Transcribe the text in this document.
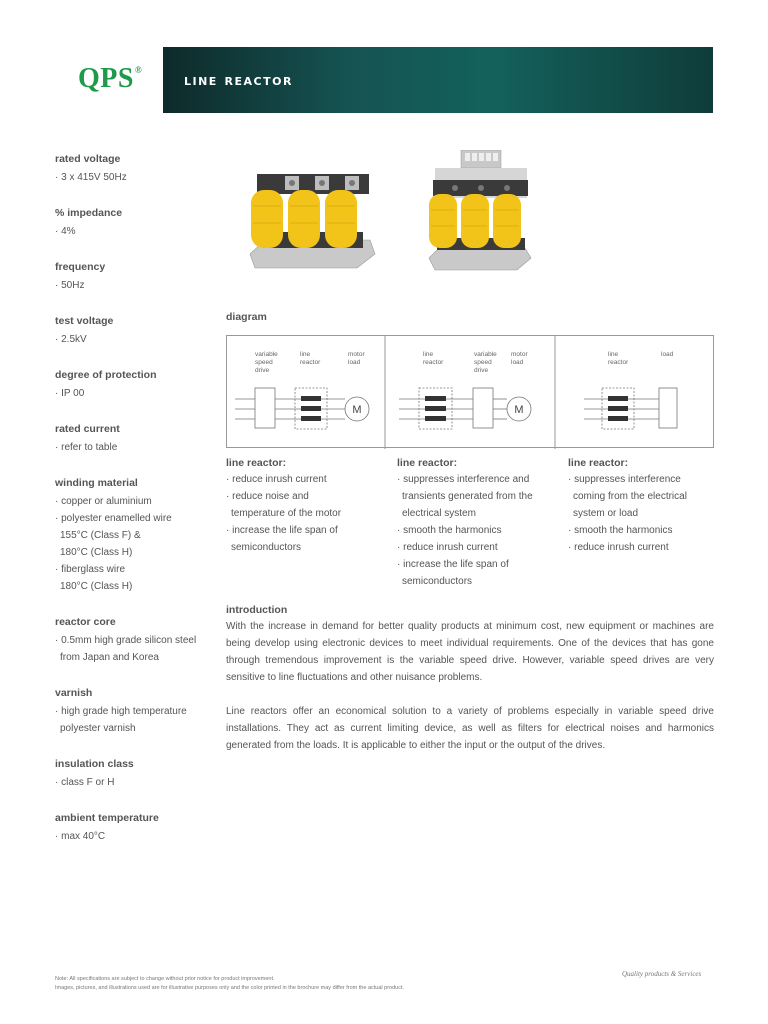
QPS®
line reactor
rated voltage
· 3 x 415V 50Hz
% impedance
· 4%
frequency
· 50Hz
test voltage
· 2.5kV
degree of protection
· IP 00
rated current
· refer to table
winding material
· copper or aluminium
· polyester enamelled wire
155°C (Class F) &
180°C (Class H)
· fiberglass wire
180°C (Class H)
reactor core
· 0.5mm high grade silicon steel
from Japan and Korea
varnish
· high grade high temperature
polyester varnish
insulation class
· class F or H
ambient temperature
· max 40°C
diagram
variable
speed
drive
line
reactor
motor
load
M
line
reactor
variable
speed
drive
motor
load
M
line
reactor
load
line reactor:
· reduce inrush current
· reduce noise and
temperature of the motor
· increase the life span of
semiconductors
line reactor:
· suppresses interference and
transients generated from the
electrical system
· smooth the harmonics
· reduce inrush current
· increase the life span of
semiconductors
line reactor:
· suppresses interference
coming from the electrical
system or load
· smooth the harmonics
· reduce inrush current
introduction

With the increase in demand for better quality products at minimum cost, new equipment or machines are being develop using electronic devices to meet individual requirements. One of the devices that has gone through tremendous improvement is the variable speed drive. However, variable speed drives are very sensitive to line fluctuations and other nuisance problems.

Line reactors offer an economical solution to a variety of problems especially in variable speed drive installations. They act as current limiting device, as well as filters for electrical noises and harmonics generated from the loads. It is applicable to either the input or the output of the drives.

Note: All specifications are subject to change without prior notice for product improvement.
Images, pictures, and illustrations used are for illustrative purposes only and the color printed in the brochure may differ from the actual product.
Quality products & Services
